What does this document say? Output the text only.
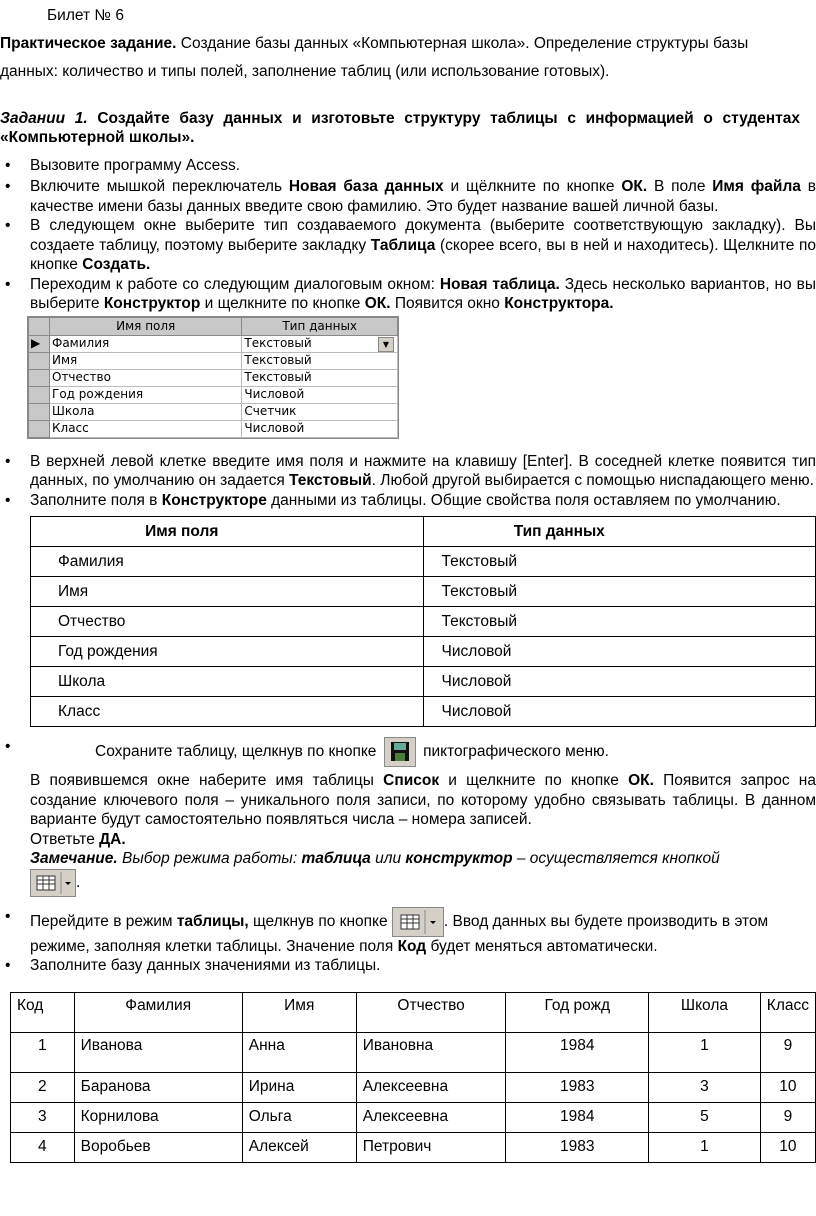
Билет № 6
Практическое задание. Создание базы данных «Компьютерная школа». Определение структуры базы
данных: количество и типы полей, заполнение таблиц (или использование готовых).
Задании 1. Создайте базу данных и изготовьте структуру таблицы с информацией о студентах «Компьютерной школы».
• Вызовите программу Access.
• Включите мышкой переключатель Новая база данных и щёлкните по кнопке ОК. В поле Имя файла в качестве имени базы данных введите свою фамилию. Это будет название вашей личной базы.
• В следующем окне выберите тип создаваемого документа (выберите соответствующую закладку). Вы создаете таблицу, поэтому выберите закладку Таблица (скорее всего, вы в ней и находитесь). Щелкните по кнопке Создать.
• Переходим к работе со следующим диалоговым окном: Новая таблица. Здесь несколько вариантов, но вы выберите Конструктор и щелкните по кнопке ОК. Появится окно Конструктора.
	Имя поля	Тип данных
▶	Фамилия	Текстовый ▼

	Имя	Текстовый
	Отчество	Текстовый
	Год рождения	Числовой
	Школа	Счетчик
	Класс	Числовой
• В верхней левой клетке введите имя поля и нажмите на клавишу [Enter]. В соседней клетке появится тип данных, по умолчанию он задается Текстовый. Любой другой выбирается с помощью ниспадающего меню.
• Заполните поля в Конструкторе данными из таблицы. Общие свойства поля оставляем по умолчанию.
Имя поля	Тип данных
Фамилия	Текстовый
Имя	Текстовый
Отчество	Текстовый
Год рождения	Числовой
Школа	Числовой
Класс	Числовой
• Сохраните таблицу, щелкнув по кнопке	пиктографического меню.
В появившемся окне наберите имя таблицы Список и щелкните по кнопке ОК. Появится запрос на создание ключевого поля – уникального поля записи, по которому удобно связывать таблицы. В данном варианте будут самостоятельно появляться числа – номера записей.
Ответьте ДА.
Замечание. Выбор режима работы: таблица или конструктор – осуществляется кнопкой
.
• Перейдите в режим таблицы, щелкнув по кнопке	. Ввод данных вы будете производить в этом режиме, заполняя клетки таблицы. Значение поля Код будет меняться автоматически.
• Заполните базу данных значениями из таблицы.
Код	Фамилия	Имя	Отчество	Год рожд	Школа	Класс
1	Иванова	Анна	Ивановна	1984	1	9
2	Баранова	Ирина	Алексеевна	1983	3	10
3	Корнилова	Ольга	Алексеевна	1984	5	9
4	Воробьев	Алексей	Петрович	1983	1	10
